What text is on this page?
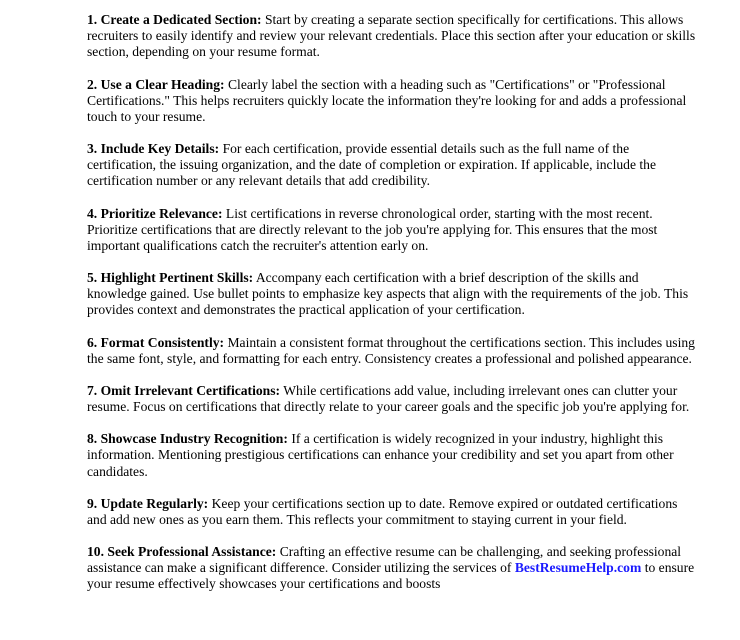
1. Create a Dedicated Section: Start by creating a separate section specifically for certifications. This allows recruiters to easily identify and review your relevant credentials. Place this section after your education or skills section, depending on your resume format.

2. Use a Clear Heading: Clearly label the section with a heading such as "Certifications" or "Professional Certifications." This helps recruiters quickly locate the information they're looking for and adds a professional touch to your resume.

3. Include Key Details: For each certification, provide essential details such as the full name of the certification, the issuing organization, and the date of completion or expiration. If applicable, include the certification number or any relevant details that add credibility.

4. Prioritize Relevance: List certifications in reverse chronological order, starting with the most recent. Prioritize certifications that are directly relevant to the job you're applying for. This ensures that the most important qualifications catch the recruiter's attention early on.

5. Highlight Pertinent Skills: Accompany each certification with a brief description of the skills and knowledge gained. Use bullet points to emphasize key aspects that align with the requirements of the job. This provides context and demonstrates the practical application of your certification.

6. Format Consistently: Maintain a consistent format throughout the certifications section. This includes using the same font, style, and formatting for each entry. Consistency creates a professional and polished appearance.

7. Omit Irrelevant Certifications: While certifications add value, including irrelevant ones can clutter your resume. Focus on certifications that directly relate to your career goals and the specific job you're applying for.

8. Showcase Industry Recognition: If a certification is widely recognized in your industry, highlight this information. Mentioning prestigious certifications can enhance your credibility and set you apart from other candidates.

9. Update Regularly: Keep your certifications section up to date. Remove expired or outdated certifications and add new ones as you earn them. This reflects your commitment to staying current in your field.

10. Seek Professional Assistance: Crafting an effective resume can be challenging, and seeking professional assistance can make a significant difference. Consider utilizing the services of BestResumeHelp.com to ensure your resume effectively showcases your certifications and boosts
